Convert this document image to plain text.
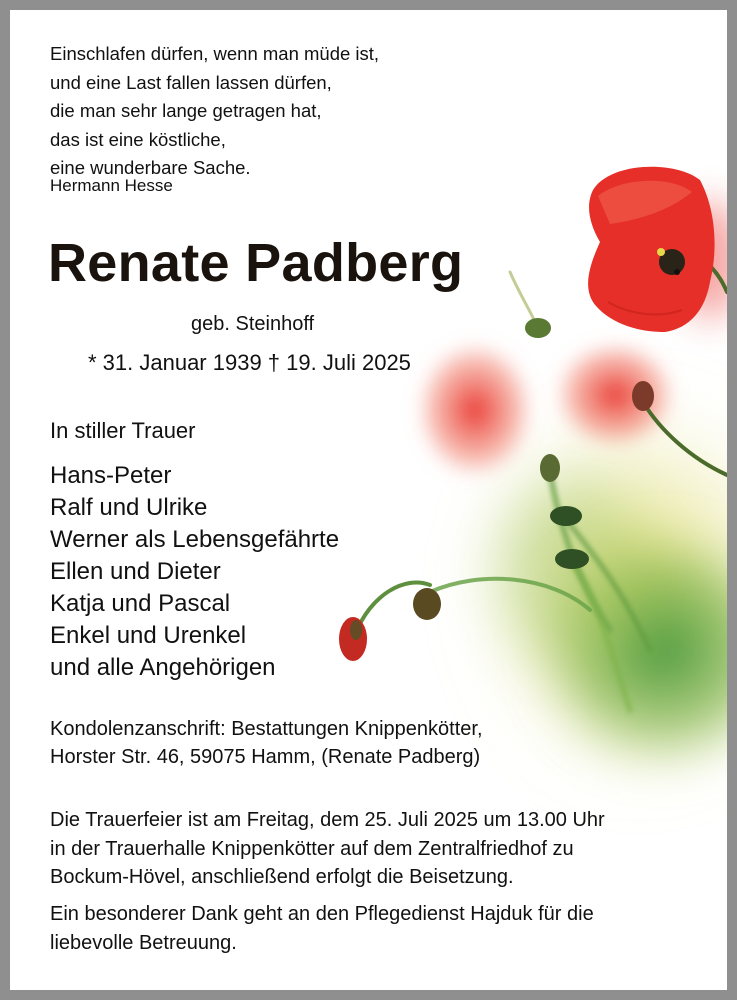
Einschlafen dürfen, wenn man müde ist,
und eine Last fallen lassen dürfen,
die man sehr lange getragen hat,
das ist eine köstliche,
eine wunderbare Sache.
Hermann Hesse
Renate Padberg
geb. Steinhoff
* 31. Januar 1939 † 19. Juli 2025
In stiller Trauer
Hans-Peter
Ralf und Ulrike
Werner als Lebensgefährte
Ellen und Dieter
Katja und Pascal
Enkel und Urenkel
und alle Angehörigen
Kondolenzanschrift: Bestattungen Knippenkötter,
Horster Str. 46, 59075 Hamm, (Renate Padberg)
Die Trauerfeier ist am Freitag, dem 25. Juli 2025 um 13.00 Uhr
in der Trauerhalle Knippenkötter auf dem Zentralfriedhof zu
Bockum-Hövel, anschließend erfolgt die Beisetzung.
Ein besonderer Dank geht an den Pflegedienst Hajduk für die
liebevolle Betreuung.
